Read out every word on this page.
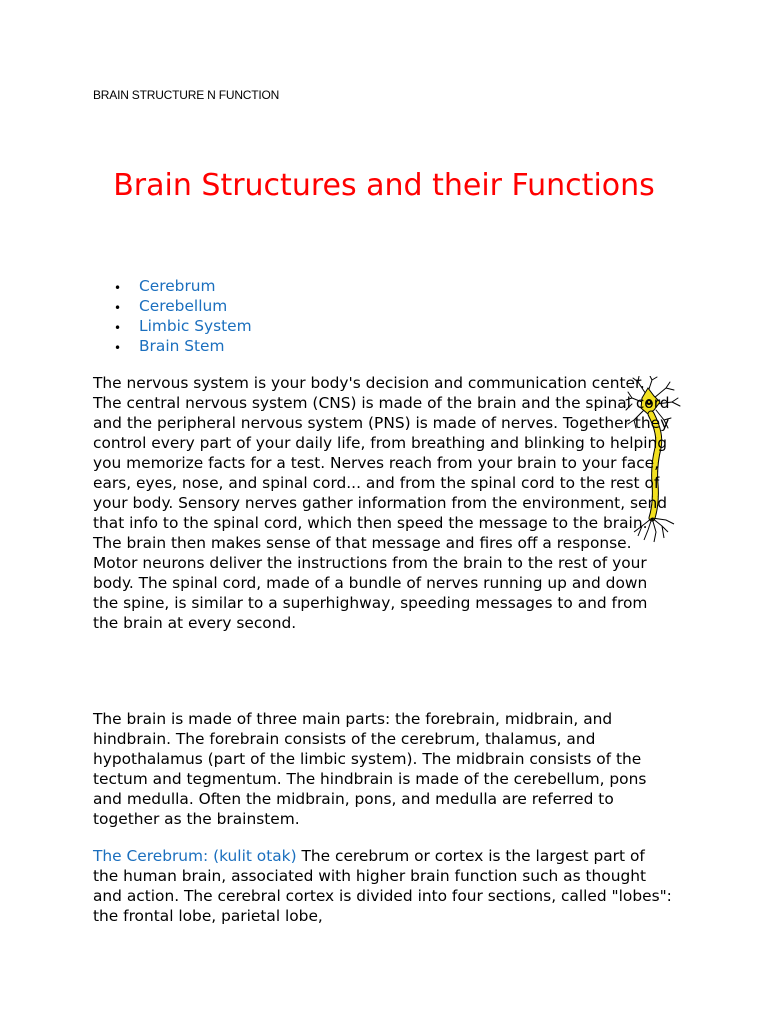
BRAIN STRUCTURE N FUNCTION
Brain Structures and their Functions
• Cerebrum
• Cerebellum
• Limbic System
• Brain Stem

The nervous system is your body's decision and communication center. The central nervous system (CNS) is made of the brain and the spinal cord and the peripheral nervous system (PNS) is made of nerves. Together they control every part of your daily life, from breathing and blinking to helping you memorize facts for a test. Nerves reach from your brain to your face, ears, eyes, nose, and spinal cord... and from the spinal cord to the rest of your body. Sensory nerves gather information from the environment, send that info to the spinal cord, which then speed the message to the brain. The brain then makes sense of that message and fires off a response. Motor neurons deliver the instructions from the brain to the rest of your body. The spinal cord, made of a bundle of nerves running up and down the spine, is similar to a superhighway, speeding messages to and from the brain at every second.

The brain is made of three main parts: the forebrain, midbrain, and hindbrain. The forebrain consists of the cerebrum, thalamus, and hypothalamus (part of the limbic system). The midbrain consists of the tectum and tegmentum. The hindbrain is made of the cerebellum, pons and medulla. Often the midbrain, pons, and medulla are referred to together as the brainstem.

The Cerebrum: (kulit otak) The cerebrum or cortex is the largest part of the human brain, associated with higher brain function such as thought and action. The cerebral cortex is divided into four sections, called "lobes": the frontal lobe, parietal lobe,
